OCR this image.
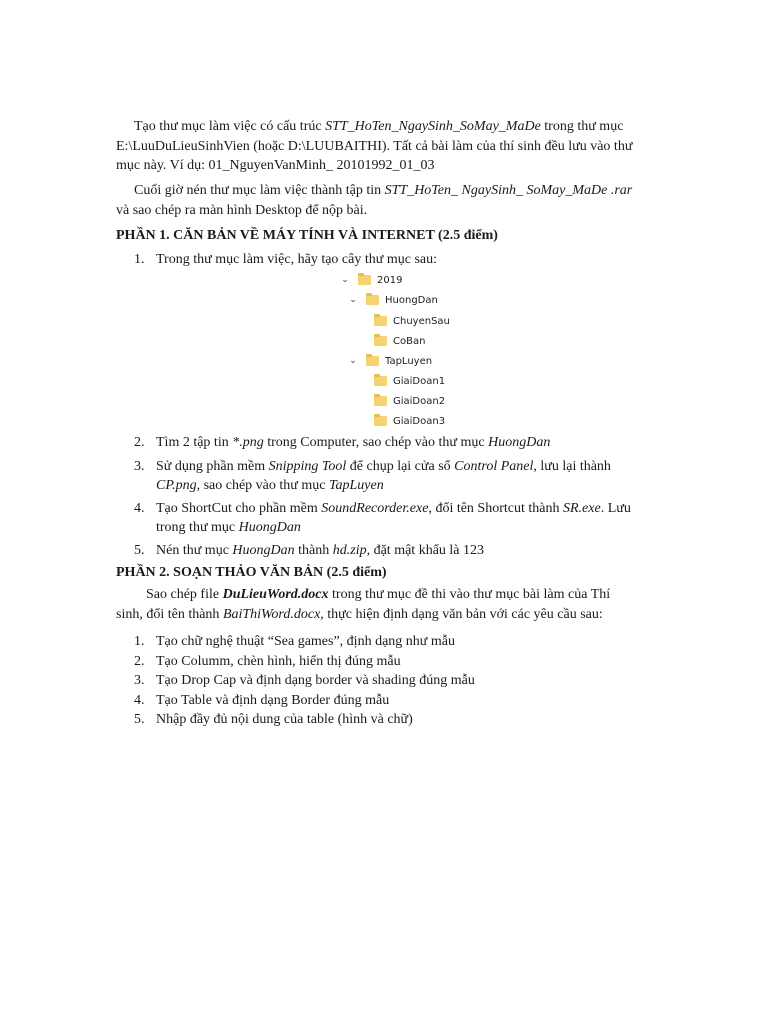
Tạo thư mục làm việc có cấu trúc STT_HoTen_NgaySinh_SoMay_MaDe trong thư mục E:\LuuDuLieuSinhVien (hoặc D:\LUUBAITHI). Tất cả bài làm của thí sinh đều lưu vào thư mục này. Ví dụ: 01_NguyenVanMinh_ 20101992_01_03

Cuối giờ nén thư mục làm việc thành tập tin STT_HoTen_ NgaySinh_ SoMay_MaDe .rar và sao chép ra màn hình Desktop để nộp bài.

PHẦN 1. CĂN BẢN VỀ MÁY TÍNH VÀ INTERNET (2.5 điểm)

1. Trong thư mục làm việc, hãy tạo cây thư mục sau:
⌄	2019
⌄	HuongDan
ChuyenSau
CoBan
⌄	TapLuyen
GiaiDoan1
GiaiDoan2
GiaiDoan3
2. Tìm 2 tập tin *.png trong Computer, sao chép vào thư mục HuongDan
3. Sử dụng phần mềm Snipping Tool để chụp lại cửa sổ Control Panel, lưu lại thành CP.png, sao chép vào thư mục TapLuyen
4. Tạo ShortCut cho phần mềm SoundRecorder.exe, đổi tên Shortcut thành SR.exe. Lưu trong thư mục HuongDan
5. Nén thư mục HuongDan thành hd.zip, đặt mật khẩu là 123

PHẦN 2. SOẠN THẢO VĂN BẢN (2.5 điểm)

Sao chép file DuLieuWord.docx trong thư mục đề thi vào thư mục bài làm của Thí sinh, đổi tên thành BaiThiWord.docx, thực hiện định dạng văn bản với các yêu cầu sau:

1. Tạo chữ nghệ thuật “Sea games”, định dạng như mẫu
2. Tạo Columm, chèn hình, hiển thị đúng mẫu
3. Tạo Drop Cap và định dạng border và shading đúng mẫu
4. Tạo Table và định dạng Border đúng mẫu
5. Nhập đầy đủ nội dung của table (hình và chữ)
